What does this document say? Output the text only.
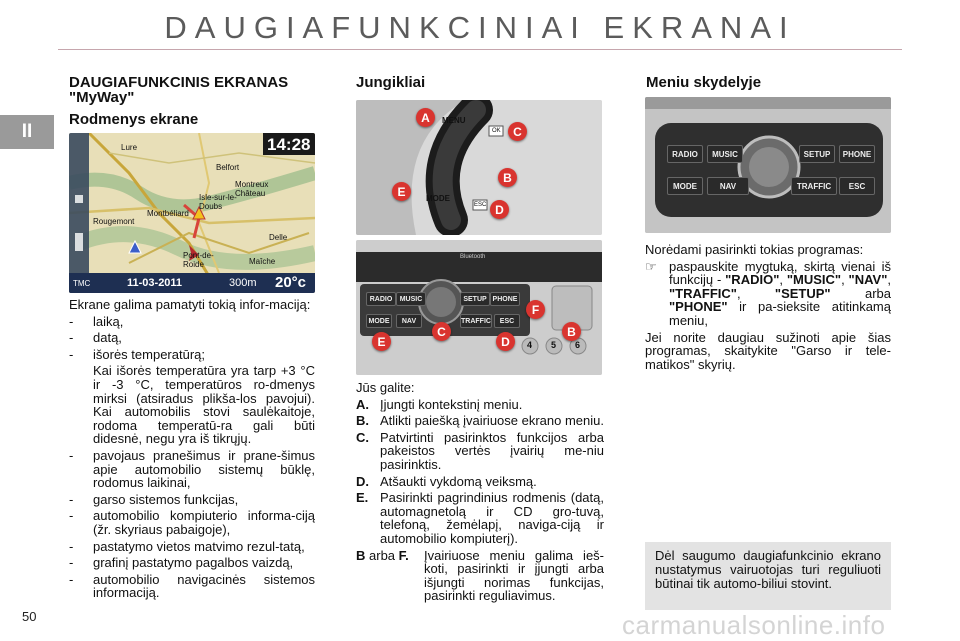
DAUGIAFUNKCINIAI EKRANAI
II
50
DAUGIAFUNKCINIS EKRANAS "MyWay"
Rodmenys ekrane
14:28
11-03-2011	300m 20°c
TMC
Lure
Belfort
Montreux Château
Delle
Isle-sur-le-Doubs
Montbéliard
Rougemont
Pont-de-Roide	Maîche

Ekrane galima pamatyti tokią infor-maciją:

-	laiką,
-	datą,
-	išorės temperatūrą;
Kai išorės temperatūra yra tarp +3 °C ir -3 °C, temperatūros ro-dmenys mirksi (atsiradus plikša-los pavojui). Kai automobilis stovi saulėkaitoje, rodoma temperatū-ra gali būti didesnė, negu yra iš tikrųjų.
-	pavojaus pranešimus ir prane-šimus apie automobilio sistemų būklę, rodomus laikinai,
-	garso sistemos funkcijas,
-	automobilio kompiuterio informa-ciją (žr. skyriaus pabaigoje),
-	pastatymo vietos matvimo rezul-tatą,
-	grafinį pastatymo pagalbos vaizdą,
-	automobilio navigacinės sistemos informaciją.
Jungikliai
MENU
MODE
OK
ESC
A
C
E
B
D
Bluetooth
RADIO	MUSIC	SETUP PHONE
MODE	NAV	TRAFFIC	ESC
F
B
C
E	D	4 5 6

Jūs galite:

A. Įjungti kontekstinį meniu.
B. Atlikti paiešką įvairiuose ekrano meniu.
C. Patvirtinti pasirinktos funkcijos arba pakeistos vertės įvairių me-niu pasirinktis.
D. Atšaukti vykdomą veiksmą.
E. Pasirinkti pagrindinius rodmenis (datą, automagnetolą ir CD gro-tuvą, telefoną, žemėlapį, naviga-ciją ir automobilio kompiuterį).
B arba F.	Įvairiuose meniu galima ieš-koti, pasirinkti ir įjungti arba išjungti norimas funkcijas, pasirinkti reguliavimus.
Meniu skydelyje
RADIO	MUSIC	SETUP	PHONE
MODE	NAV	TRAFFIC	ESC

Norėdami pasirinkti tokias programas:

☞ paspauskite mygtuką, skirtą vienai iš funkcijų - "RADIO", "MUSIC", "NAV", "TRAFFIC", "SETUP" arba "PHONE" ir pa-sieksite atitinkamą meniu,

Jei norite daugiau sužinoti apie šias programas, skaitykite "Garso ir tele-matikos" skyrių.

Dėl saugumo daugiafunkcinio ekrano nustatymus vairuotojas turi reguliuoti būtinai tik automo-biliui stovint.
carmanualsonline.info
